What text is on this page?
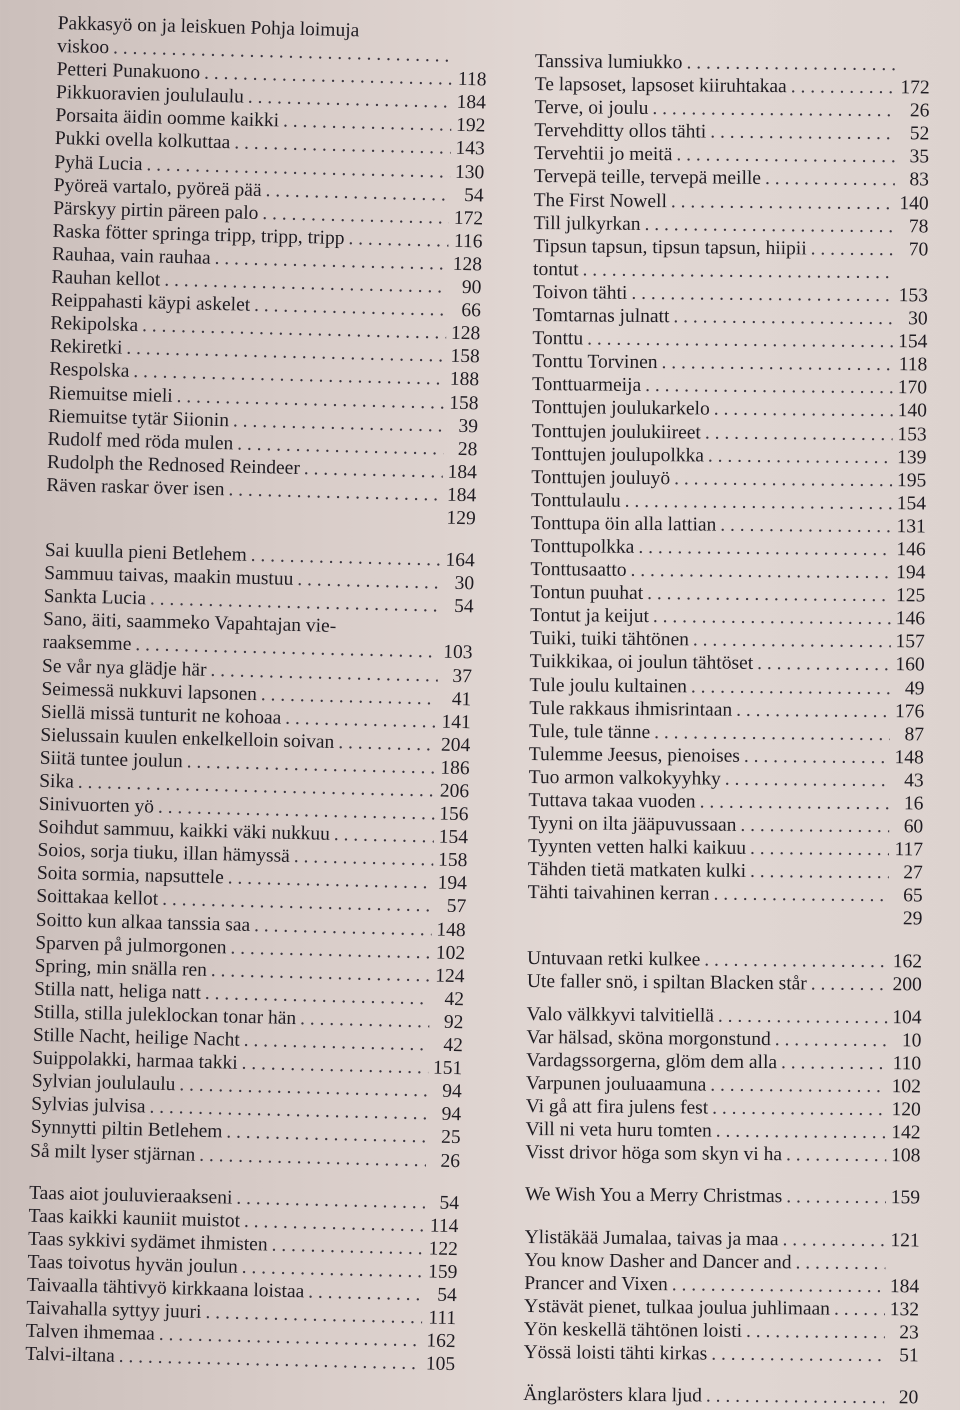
Pakkasyö on ja leiskuen Pohja loimuja
viskoo
. . .
Petteri Punakuono . . .	118
Pikkuoravien joululaulu . . .	184
Porsaita äidin oomme kaikki . . .	192
Pukki ovella kolkuttaa . . .	143
Pyhä Lucia . . .	130
Pyöreä vartalo, pyöreä pää . . .	54
Pärskyy pirtin päreen palo . . .	172
Raska fötter springa tripp, tripp, tripp . . .	116
Rauhaa, vain rauhaa . . .	128
Rauhan kellot . . .	90
Reippahasti käypi askelet . . .	66
Rekipolska . . .	128
Rekiretki . . .	158
Respolska . . .	188
Riemuitse mieli . . .	158
Riemuitse tytär Siionin . . .	39
Rudolf med röda mulen . . .	28
Rudolph the Rednosed Reindeer . . .	184
Räven raskar över isen . . .	184
129
Sai kuulla pieni Betlehem . . .	164
Sammuu taivas, maakin mustuu . . .	30
Sankta Lucia . . .	54
Sano, äiti, saammeko Vapahtajan vie-
raaksemme . . .	103
Se vår nya glädje här . . .	37
Seimessä nukkuvi lapsonen . . .	41
Siellä missä tunturit ne kohoaa . . .	141
Sielussain kuulen enkelkelloin soivan . . .	204
Siitä tuntee joulun . . .	186
Sika . . .	206
Sinivuorten yö . . .	156
Soihdut sammuu, kaikki väki nukkuu . . .	154
Soios, sorja tiuku, illan hämyssä . . .	158
Soita sormia, napsuttele . . .	194
Soittakaa kellot . . .	57
Soitto kun alkaa tanssia saa . . .	148
Sparven på julmorgonen . . .	102
Spring, min snälla ren . . .	124
Stilla natt, heliga natt . . .	42
Stilla, stilla juleklockan tonar hän . . .	92
Stille Nacht, heilige Nacht . . .	42
Suippolakki, harmaa takki . . .	151
Sylvian joululaulu . . .	94
Sylvias julvisa . . .	94
Synnytti piltin Betlehem . . .	25
Så milt lyser stjärnan . . .	26
Taas aiot jouluvieraakseni . . .	54
Taas kaikki kauniit muistot . . .	114
Taas sykkivi sydämet ihmisten . . .	122
Taas toivotus hyvän joulun . . .	159
Taivaalla tähtivyö kirkkaana loistaa . . .	54
Taivahalla syttyy juuri . . .	111
Talven ihmemaa . . .	162
Talvi-iltana . . .	105
Tanssiva lumiukko
. . .
Te lapsoset, lapsoset kiiruhtakaa . . .	172
Terve, oi joulu . . .	26
Tervehditty ollos tähti . . .	52
Tervehtii jo meitä . . .	35
Tervepä teille, tervepä meille . . .	83
The First Nowell . . .	140
Till julkyrkan . . .	78
Tipsun tapsun, tipsun tapsun, hiipii . . .	70
tontut
. . .
Toivon tähti . . .	153
Tomtarnas julnatt . . .	30
Tonttu . . .	154
Tonttu Torvinen . . .	118
Tonttuarmeija . . .	170
Tonttujen joulukarkelo . . .	140
Tonttujen joulukiireet . . .	153
Tonttujen joulupolkka . . .	139
Tonttujen jouluyö . . .	195
Tonttulaulu . . .	154
Tonttupa öin alla lattian . . .	131
Tonttupolkka . . .	146
Tonttusaatto . . .	194
Tontun puuhat . . .	125
Tontut ja keijut . . .	146
Tuiki, tuiki tähtönen . . .	157
Tuikkikaa, oi joulun tähtöset . . .	160
Tule joulu kultainen . . .	49
Tule rakkaus ihmisrintaan . . .	176
Tule, tule tänne . . .	87
Tulemme Jeesus, pienoises . . .	148
Tuo armon valkokyyhky . . .	43
Tuttava takaa vuoden . . .	16
Tyyni on ilta jääpuvussaan . . .	60
Tyynten vetten halki kaikuu . . .	117
Tähden tietä matkaten kulki . . .	27
Tähti taivahinen kerran . . .	65
29
Untuvaan retki kulkee . . .	162
Ute faller snö, i spiltan Blacken står . . .	200
Valo välkkyvi talvitiellä . . .	104
Var hälsad, sköna morgonstund . . .	10
Vardagssorgerna, glöm dem alla . . .	110
Varpunen jouluaamuna . . .	102
Vi gå att fira julens fest . . .	120
Vill ni veta huru tomten . . .	142
Visst drivor höga som skyn vi ha . . .	108
We Wish You a Merry Christmas . . .	159
Ylistäkää Jumalaa, taivas ja maa . . .	121
You know Dasher and Dancer and
. . .
Prancer and Vixen . . .	184
Ystävät pienet, tulkaa joulua juhlimaan . . .	132
Yön keskellä tähtönen loisti . . .	23
Yössä loisti tähti kirkas . . .	51
Änglarösters klara ljud . . .	20
